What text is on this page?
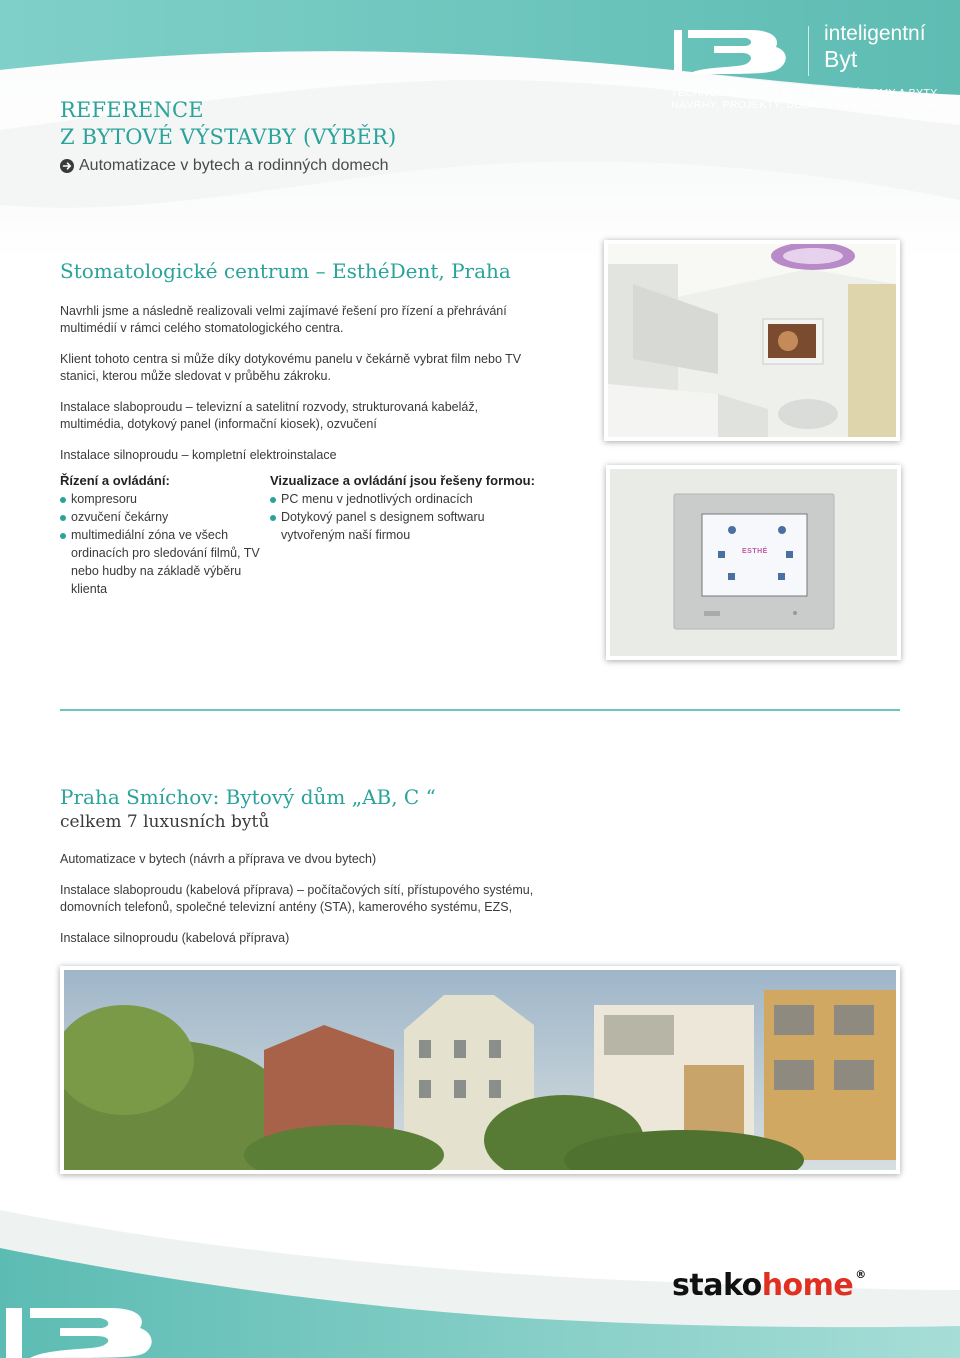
inteligentní
Byt
TECHNOLOGIE PRO INTELIGENTNÍ DOMY A BYTY
NÁVRHY, PROJEKTY, DODÁVKY, INSTALACE, SERVIS
REFERENCE
Z BYTOVÉ VÝSTAVBY (VÝBĚR)
Automatizace v bytech a rodinných domech
Stomatologické centrum – EsthéDent, Praha

Navrhli jsme a následně realizovali velmi zajímavé řešení pro řízení a přehrávání multimédií v rámci celého stomatologického centra.

Klient tohoto centra si může díky dotykovému panelu v čekárně vybrat film nebo TV stanici, kterou může sledovat v průběhu zákroku.

Instalace slaboproudu – televizní a satelitní rozvody, strukturovaná kabeláž, multimédia, dotykový panel (informační kiosek), ozvučení

Instalace silnoproudu – kompletní elektroinstalace

Řízení a ovládání:

kompresoru
ozvučení čekárny
multimediální zóna ve všech ordinacích pro sledování filmů, TV nebo hudby na základě výběru klienta

Vizualizace a ovládání jsou řešeny formou:

PC menu v jednotlivých ordinacích
Dotykový panel s designem softwaru vytvořeným naší firmou
ESTHÉ
Praha Smíchov: Bytový dům „AB, C “
celkem 7 luxusních bytů

Automatizace v bytech (návrh a příprava ve dvou bytech)

Instalace slaboproudu (kabelová příprava) – počítačových sítí, přístupového systému, domovních telefonů, společné televizní antény (STA), kamerového systému, EZS,

Instalace silnoproudu (kabelová příprava)

stakohome ®
